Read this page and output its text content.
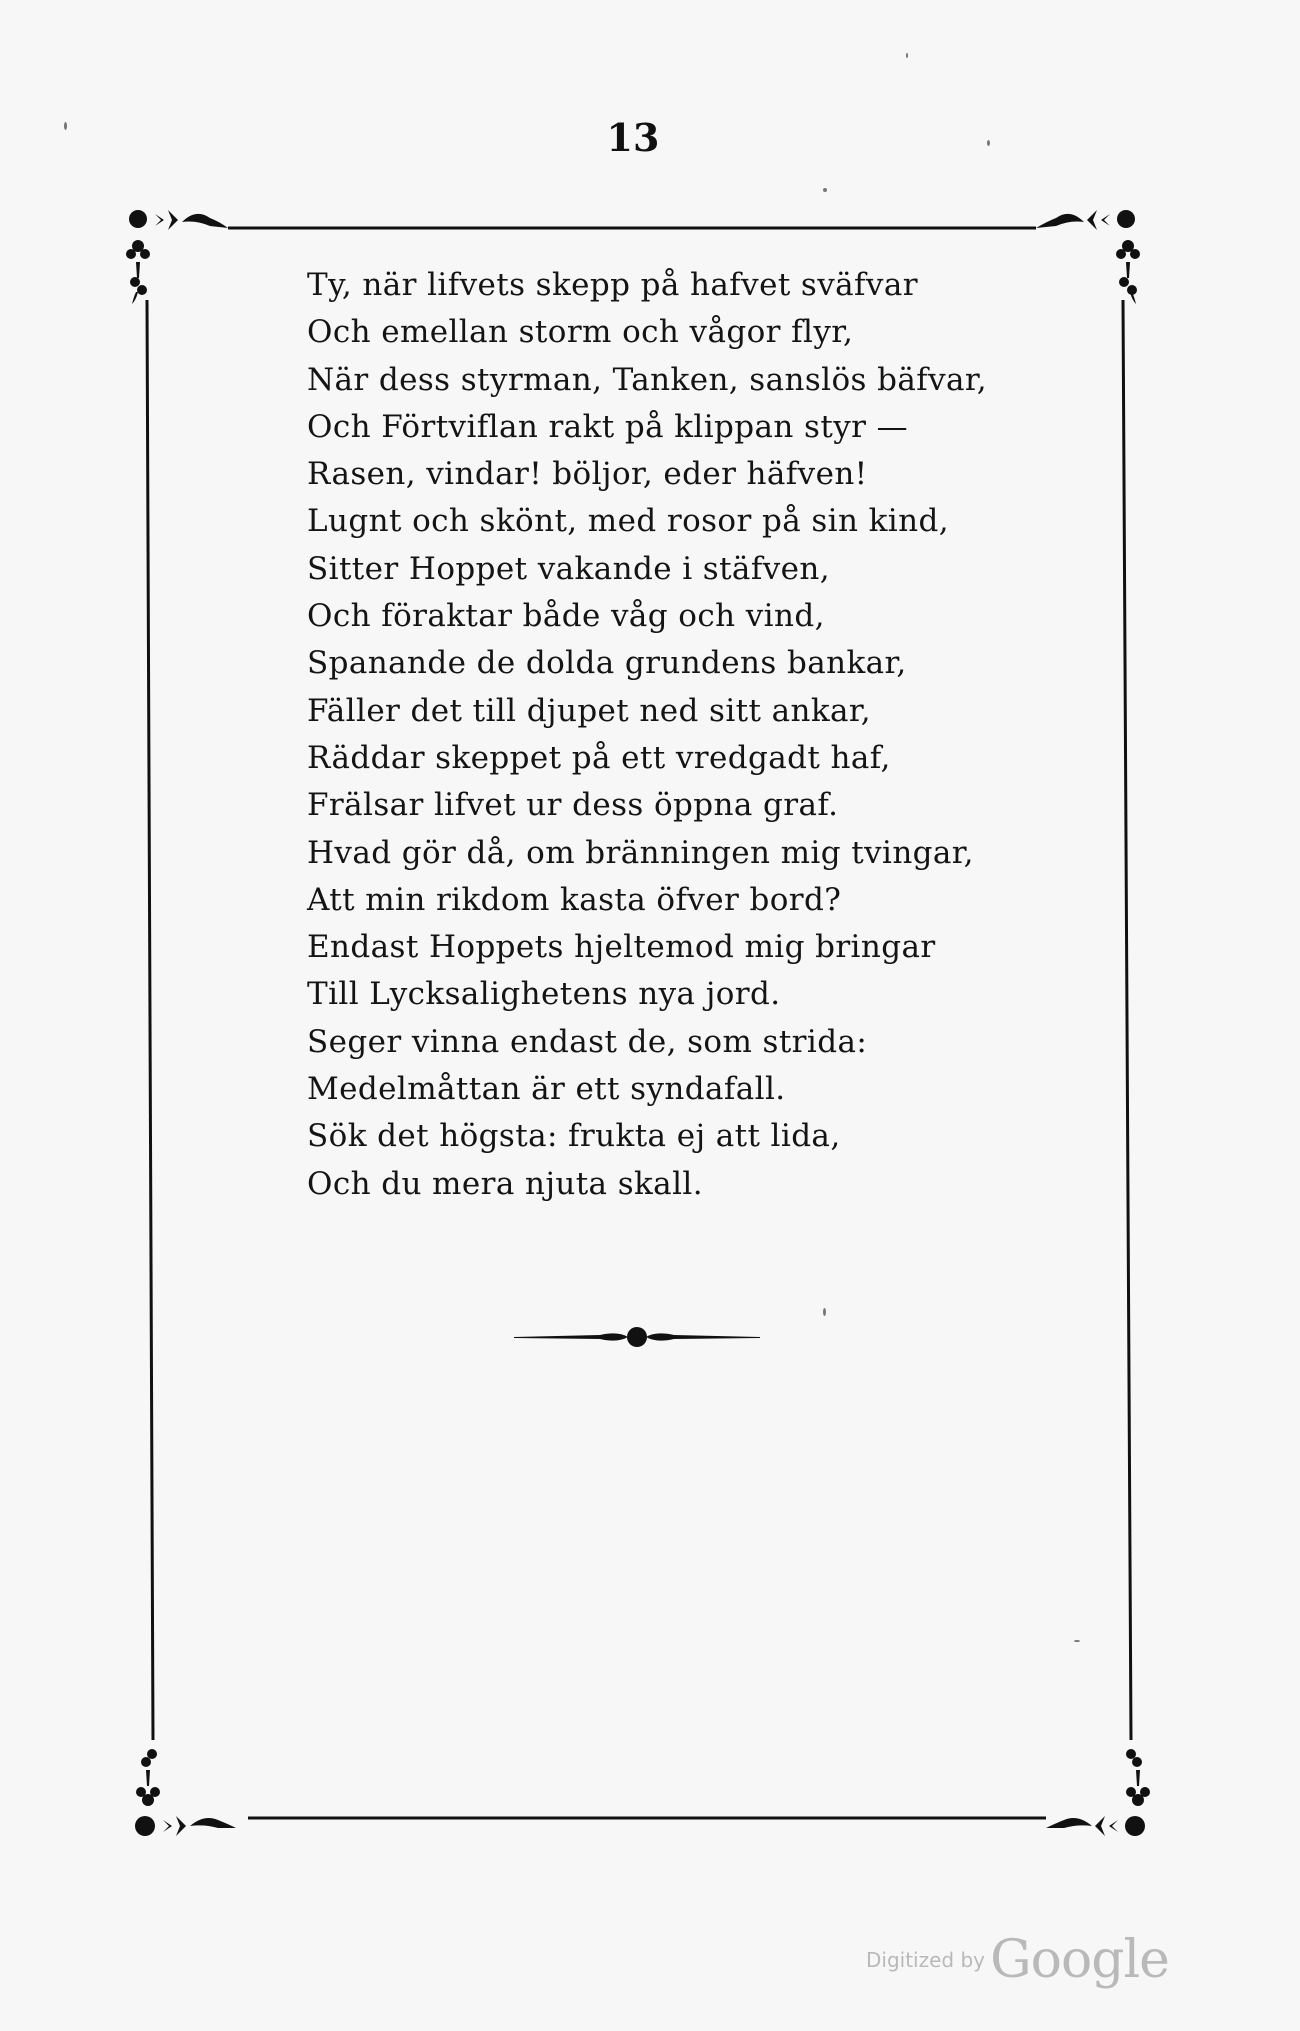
13
Ty, när lifvets skepp på hafvet sväfvar
Och emellan storm och vågor flyr,
När dess styrman, Tanken, sanslös bäfvar,
Och Förtviflan rakt på klippan styr —
Rasen, vindar! böljor, eder häfven!
Lugnt och skönt, med rosor på sin kind,
Sitter Hoppet vakande i stäfven,
Och föraktar både våg och vind,
Spanande de dolda grundens bankar,
Fäller det till djupet ned sitt ankar,
Räddar skeppet på ett vredgadt haf,
Frälsar lifvet ur dess öppna graf.
Hvad gör då, om bränningen mig tvingar,
Att min rikdom kasta öfver bord?
Endast Hoppets hjeltemod mig bringar
Till Lycksalighetens nya jord.
Seger vinna endast de, som strida:
Medelmåttan är ett syndafall.
Sök det högsta: frukta ej att lida,
Och du mera njuta skall.
Digitized by Google
